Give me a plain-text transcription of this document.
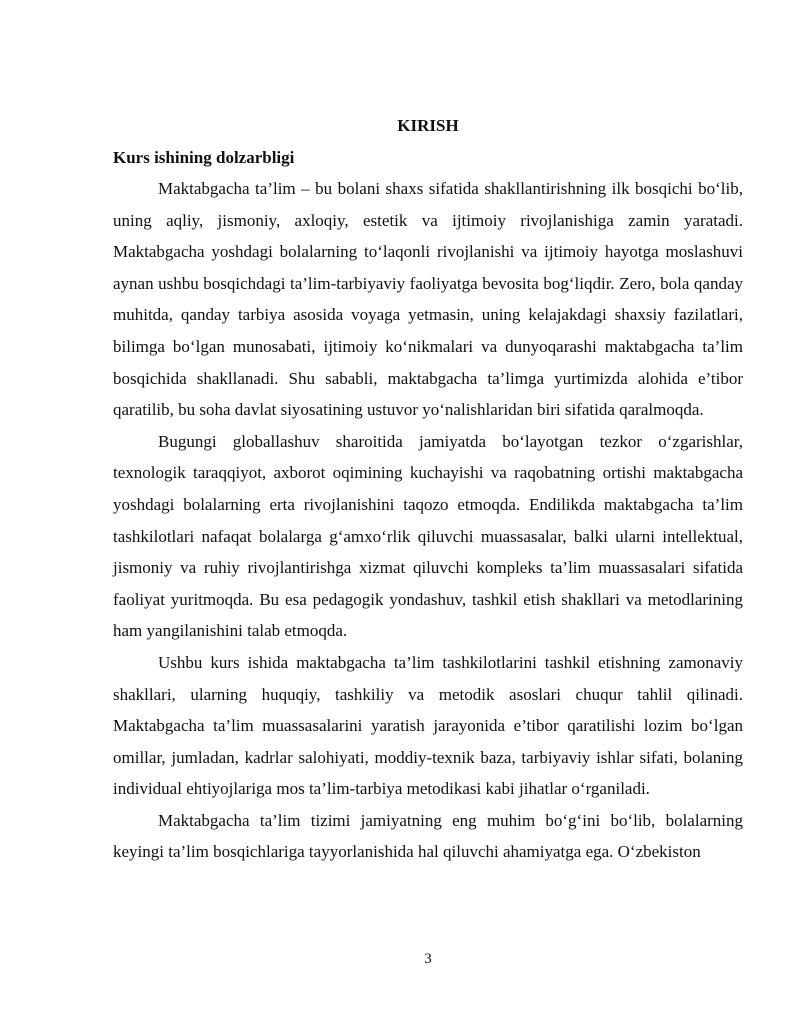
KIRISH
Kurs ishining dolzarbligi

Maktabgacha ta’lim – bu bolani shaxs sifatida shakllantirishning ilk bosqichi bo‘lib, uning aqliy, jismoniy, axloqiy, estetik va ijtimoiy rivojlanishiga zamin yaratadi. Maktabgacha yoshdagi bolalarning to‘laqonli rivojlanishi va ijtimoiy hayotga moslashuvi aynan ushbu bosqichdagi ta’lim-tarbiyaviy faoliyatga bevosita bog‘liqdir. Zero, bola qanday muhitda, qanday tarbiya asosida voyaga yetmasin, uning kelajakdagi shaxsiy fazilatlari, bilimga bo‘lgan munosabati, ijtimoiy ko‘nikmalari va dunyoqarashi maktabgacha ta’lim bosqichida shakllanadi. Shu sababli, maktabgacha ta’limga yurtimizda alohida e’tibor qaratilib, bu soha davlat siyosatining ustuvor yo‘nalishlaridan biri sifatida qaralmoqda.

Bugungi globallashuv sharoitida jamiyatda bo‘layotgan tezkor o‘zgarishlar, texnologik taraqqiyot, axborot oqimining kuchayishi va raqobatning ortishi maktabgacha yoshdagi bolalarning erta rivojlanishini taqozo etmoqda. Endilikda maktabgacha ta’lim tashkilotlari nafaqat bolalarga g‘amxo‘rlik qiluvchi muassasalar, balki ularni intellektual, jismoniy va ruhiy rivojlantirishga xizmat qiluvchi kompleks ta’lim muassasalari sifatida faoliyat yuritmoqda. Bu esa pedagogik yondashuv, tashkil etish shakllari va metodlarining ham yangilanishini talab etmoqda.

Ushbu kurs ishida maktabgacha ta’lim tashkilotlarini tashkil etishning zamonaviy shakllari, ularning huquqiy, tashkiliy va metodik asoslari chuqur tahlil qilinadi. Maktabgacha ta’lim muassasalarini yaratish jarayonida e’tibor qaratilishi lozim bo‘lgan omillar, jumladan, kadrlar salohiyati, moddiy-texnik baza, tarbiyaviy ishlar sifati, bolaning individual ehtiyojlariga mos ta’lim-tarbiya metodikasi kabi jihatlar o‘rganiladi.

Maktabgacha ta’lim tizimi jamiyatning eng muhim bo‘g‘ini bo‘lib, bolalarning keyingi ta’lim bosqichlariga tayyorlanishida hal qiluvchi ahamiyatga ega. O‘zbekiston

3
